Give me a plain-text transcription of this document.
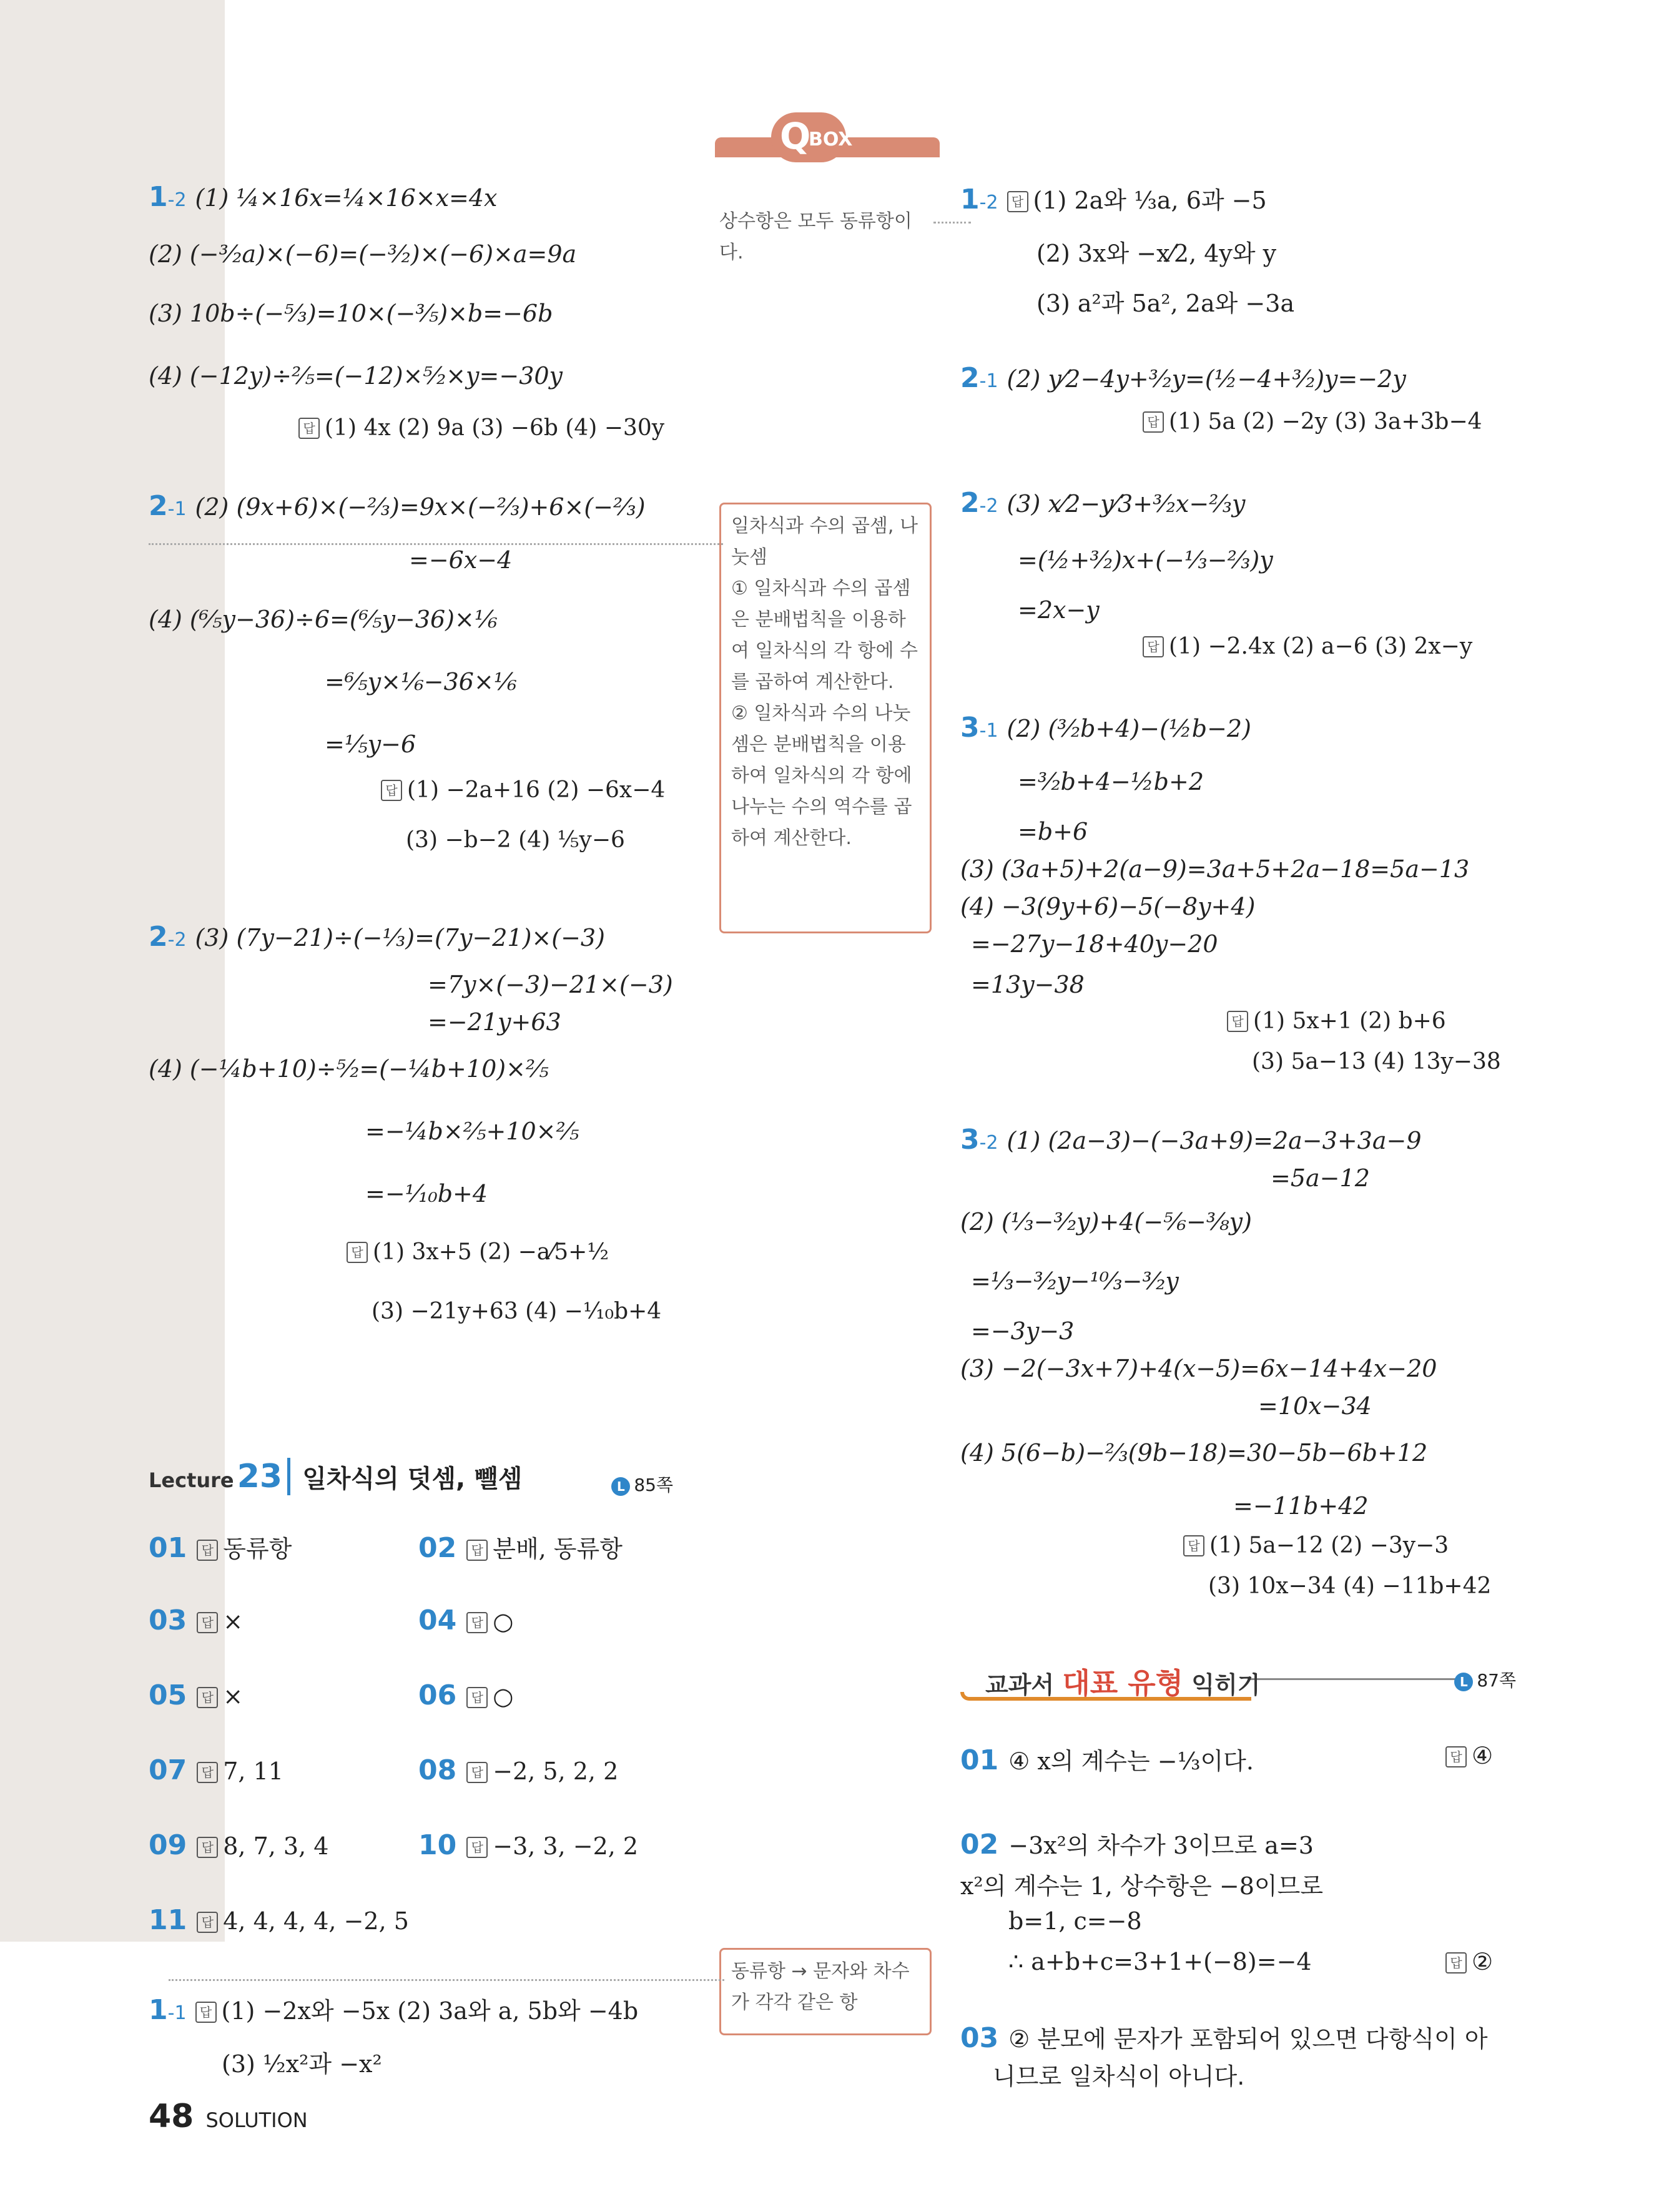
Q
BOX
상수항은 모두 동류항이다.
일차식과 수의 곱셈, 나눗셈
① 일차식과 수의 곱셈은 분배법칙을 이용하여 일차식의 각 항에 수를 곱하여 계산한다.
② 일차식과 수의 나눗셈은 분배법칙을 이용하여 일차식의 각 항에 나누는 수의 역수를 곱하여 계산한다.
동류항 → 문자와 차수가 각각 같은 항
1-2 (1) ¼×16x=¼×16×x=4x
(2) (−³⁄₂a)×(−6)=(−³⁄₂)×(−6)×a=9a
(3) 10b÷(−⁵⁄₃)=10×(−³⁄₅)×b=−6b
(4) (−12y)÷²⁄₅=(−12)×⁵⁄₂×y=−30y
답 (1) 4x (2) 9a (3) −6b (4) −30y
2-1 (2) (9x+6)×(−²⁄₃)=9x×(−²⁄₃)+6×(−²⁄₃)
=−6x−4
(4) (⁶⁄₅y−36)÷6=(⁶⁄₅y−36)×⅙
=⁶⁄₅y×⅙−36×⅙
=⅕y−6
답 (1) −2a+16 (2) −6x−4
(3) −b−2 (4) ⅕y−6
2-2 (3) (7y−21)÷(−⅓)=(7y−21)×(−3)
=7y×(−3)−21×(−3)
=−21y+63
(4) (−¼b+10)÷⁵⁄₂=(−¼b+10)×²⁄₅
=−¼b×²⁄₅+10×²⁄₅
=−¹⁄₁₀b+4
답 (1) 3x+5 (2) −a⁄5+½
(3) −21y+63 (4) −¹⁄₁₀b+4
Lecture 23 일차식의 덧셈, 뺄셈	L 85쪽
01 답 동류항	02 답 분배, 동류항
03 답 ×	04 답 ○
05 답 ×	06 답 ○
07 답 7, 11	08 답 −2, 5, 2, 2
09 답 8, 7, 3, 4	10 답 −3, 3, −2, 2
11 답 4, 4, 4, 4, −2, 5
1-1 답 (1) −2x와 −5x (2) 3a와 a, 5b와 −4b
(3) ½x²과 −x²
1-2 답 (1) 2a와 ⅓a, 6과 −5
(2) 3x와 −x⁄2, 4y와 y
(3) a²과 5a², 2a와 −3a
2-1 (2) y⁄2−4y+³⁄₂y=(½−4+³⁄₂)y=−2y
답 (1) 5a (2) −2y (3) 3a+3b−4
2-2 (3) x⁄2−y⁄3+³⁄₂x−⅔y
=(½+³⁄₂)x+(−⅓−⅔)y
=2x−y
답 (1) −2.4x (2) a−6 (3) 2x−y
3-1 (2) (³⁄₂b+4)−(½b−2)
=³⁄₂b+4−½b+2
=b+6
(3) (3a+5)+2(a−9)=3a+5+2a−18=5a−13
(4) −3(9y+6)−5(−8y+4)
=−27y−18+40y−20
=13y−38
답 (1) 5x+1 (2) b+6
(3) 5a−13 (4) 13y−38
3-2 (1) (2a−3)−(−3a+9)=2a−3+3a−9
=5a−12
(2) (⅓−³⁄₂y)+4(−⁵⁄₆−³⁄₈y)
=⅓−³⁄₂y−¹⁰⁄₃−³⁄₂y
=−3y−3
(3) −2(−3x+7)+4(x−5)=6x−14+4x−20
=10x−34
(4) 5(6−b)−⅔(9b−18)=30−5b−6b+12
=−11b+42
답 (1) 5a−12 (2) −3y−3
(3) 10x−34 (4) −11b+42
교과서 대표 유형 익히기	L 87쪽
01 ④ x의 계수는 −⅓이다.	답 ④
02 −3x²의 차수가 3이므로 a=3
x²의 계수는 1, 상수항은 −8이므로
b=1, c=−8
∴ a+b+c=3+1+(−8)=−4	답 ②
03 ② 분모에 문자가 포함되어 있으면 다항식이 아
니므로 일차식이 아니다.
48 SOLUTION
